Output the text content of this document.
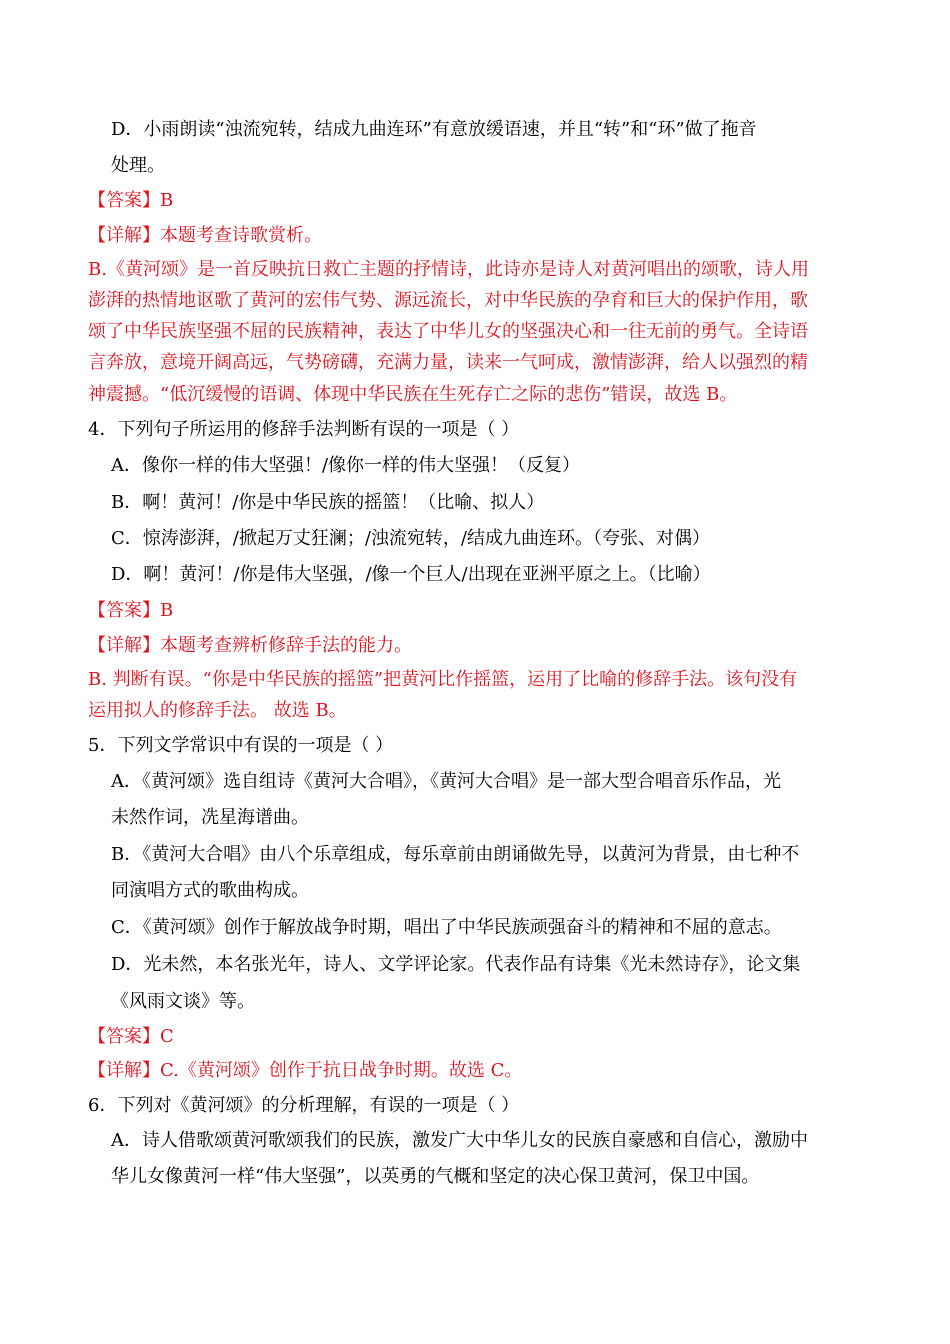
D．小雨朗读“浊流宛转，结成九曲连环”有意放缓语速，并且“转”和“环”做了拖音

处理。

【答案】B

【详解】本题考查诗歌赏析。

B.《黄河颂》是一首反映抗日救亡主题的抒情诗，此诗亦是诗人对黄河唱出的颂歌，诗人用

澎湃的热情地讴歌了黄河的宏伟气势、源远流长，对中华民族的孕育和巨大的保护作用，歌

颂了中华民族坚强不屈的民族精神，表达了中华儿女的坚强决心和一往无前的勇气。全诗语

言奔放，意境开阔高远，气势磅礴，充满力量，读来一气呵成，激情澎湃，给人以强烈的精

神震撼。“低沉缓慢的语调、体现中华民族在生死存亡之际的悲伤”错误，故选 B。

4．下列句子所运用的修辞手法判断有误的一项是（ ）

A．像你一样的伟大坚强！/像你一样的伟大坚强！（反复）

B．啊！黄河！/你是中华民族的摇篮！（比喻、拟人）

C．惊涛澎湃，/掀起万丈狂澜；/浊流宛转，/结成九曲连环。（夸张、对偶）

D．啊！黄河！/你是伟大坚强，/像一个巨人/出现在亚洲平原之上。（比喻）

【答案】B

【详解】本题考查辨析修辞手法的能力。

B. 判断有误。“你是中华民族的摇篮”把黄河比作摇篮，运用了比喻的修辞手法。该句没有

运用拟人的修辞手法。 故选 B。

5．下列文学常识中有误的一项是（ ）

A．《黄河颂》选自组诗《黄河大合唱》，《黄河大合唱》是一部大型合唱音乐作品，光

未然作词，冼星海谱曲。

B．《黄河大合唱》由八个乐章组成，每乐章前由朗诵做先导，以黄河为背景，由七种不

同演唱方式的歌曲构成。

C．《黄河颂》创作于解放战争时期，唱出了中华民族顽强奋斗的精神和不屈的意志。

D．光未然，本名张光年，诗人、文学评论家。代表作品有诗集《光未然诗存》，论文集

《风雨文谈》等。

【答案】C

【详解】C.《黄河颂》创作于抗日战争时期。故选 C。

6．下列对《黄河颂》的分析理解，有误的一项是（ ）

A．诗人借歌颂黄河歌颂我们的民族，激发广大中华儿女的民族自豪感和自信心，激励中

华儿女像黄河一样“伟大坚强”，以英勇的气概和坚定的决心保卫黄河，保卫中国。
